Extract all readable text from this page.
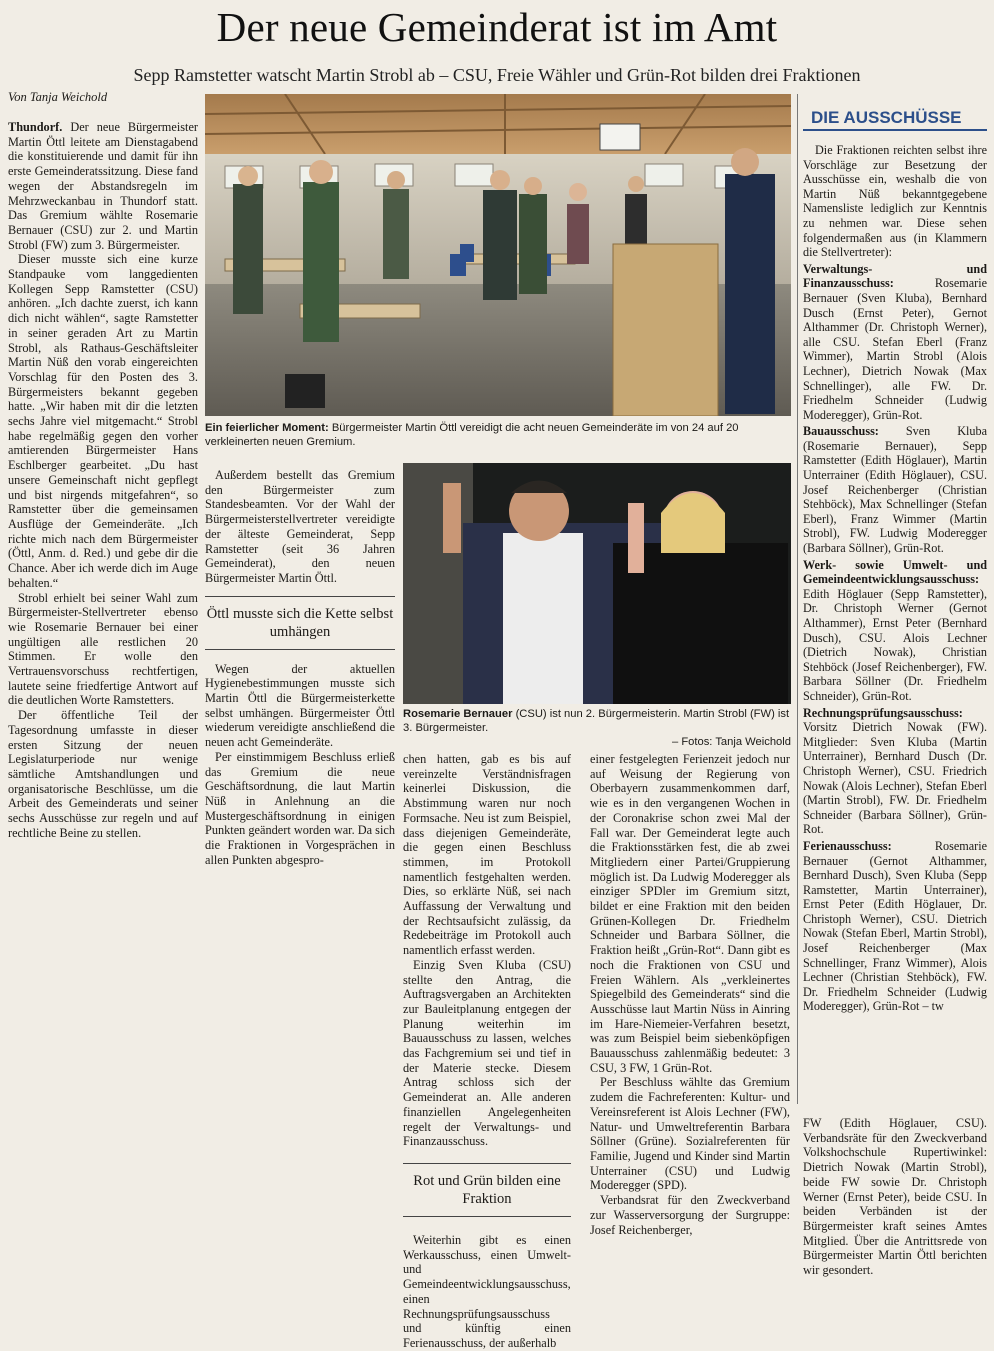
Der neue Gemeinderat ist im Amt
Sepp Ramstetter watscht Martin Strobl ab – CSU, Freie Wähler und Grün-Rot bilden drei Fraktionen
Von Tanja Weichold

Thundorf. Der neue Bürgermeister Martin Öttl leitete am Dienstagabend die konstituierende und damit für ihn erste Gemeinderatssitzung. Diese fand wegen der Abstandsregeln im Mehrzweckanbau in Thundorf statt. Das Gremium wählte Rosemarie Bernauer (CSU) zur 2. und Martin Strobl (FW) zum 3. Bürgermeister.

Dieser musste sich eine kurze Standpauke vom langgedienten Kollegen Sepp Ramstetter (CSU) anhören. „Ich dachte zuerst, ich kann dich nicht wählen“, sagte Ramstetter in seiner geraden Art zu Martin Strobl, als Rathaus-Geschäftsleiter Martin Nüß den vorab eingereichten Vorschlag für den Posten des 3. Bürgermeisters bekannt gegeben hatte. „Wir haben mit dir die letzten sechs Jahre viel mitgemacht.“ Strobl habe regelmäßig gegen den vorher amtierenden Bürgermeister Hans Eschlberger gearbeitet. „Du hast unsere Gemeinschaft nicht gepflegt und bist nirgends mitgefahren“, so Ramstetter über die gemeinsamen Ausflüge der Gemeinderäte. „Ich richte mich nach dem Bürgermeister (Öttl, Anm. d. Red.) und gebe dir die Chance. Aber ich werde dich im Auge behalten.“

Strobl erhielt bei seiner Wahl zum Bürgermeister-Stellvertreter ebenso wie Rosemarie Bernauer bei einer ungültigen alle restlichen 20 Stimmen. Er wolle den Vertrauensvorschuss rechtfertigen, lautete seine friedfertige Antwort auf die deutlichen Worte Ramstetters.

Der öffentliche Teil der Tagesordnung umfasste in dieser ersten Sitzung der neuen Legislaturperiode nur wenige sämtliche Amtshandlungen und organisatorische Beschlüsse, um die Arbeit des Gemeinderats und seiner sechs Ausschüsse zur regeln und auf rechtliche Beine zu stellen.

Ein feierlicher Moment: Bürgermeister Martin Öttl vereidigt die acht neuen Gemeinderäte im von 24 auf 20 verkleinerten neuen Gremium.

Außerdem bestellt das Gremium den Bürgermeister zum Standesbeamten. Vor der Wahl der Bürgermeisterstellvertreter vereidigte der älteste Gemeinderat, Sepp Ramstetter (seit 36 Jahren Gemeinderat), den neuen Bürgermeister Martin Öttl.

Öttl musste sich die Kette selbst umhängen

Wegen der aktuellen Hygienebestimmungen musste sich Martin Öttl die Bürgermeisterkette selbst umhängen. Bürgermeister Öttl wiederum vereidigte anschließend die neuen acht Gemeinderäte.

Per einstimmigem Beschluss erließ das Gremium die neue Geschäftsordnung, die laut Martin Nüß in Anlehnung an die Mustergeschäftsordnung in einigen Punkten geändert worden war. Da sich die Fraktionen in Vorgesprächen in allen Punkten abgespro-

Rosemarie Bernauer (CSU) ist nun 2. Bürgermeisterin. Martin Strobl (FW) ist 3. Bürgermeister.
– Fotos: Tanja Weichold

chen hatten, gab es bis auf vereinzelte Verständnisfragen keinerlei Diskussion, die Abstimmung waren nur noch Formsache. Neu ist zum Beispiel, dass diejenigen Gemeinderäte, die gegen einen Beschluss stimmen, im Protokoll namentlich festgehalten werden. Dies, so erklärte Nüß, sei nach Auffassung der Verwaltung und der Rechtsaufsicht zulässig, da Redebeiträge im Protokoll auch namentlich erfasst werden.

Einzig Sven Kluba (CSU) stellte den Antrag, die Auftragsvergaben an Architekten zur Bauleitplanung entgegen der Planung weiterhin im Bauausschuss zu lassen, welches das Fachgremium sei und tief in der Materie stecke. Diesem Antrag schloss sich der Gemeinderat an. Alle anderen finanziellen Angelegenheiten regelt der Verwaltungs- und Finanzausschuss.

Rot und Grün bilden eine Fraktion

Weiterhin gibt es einen Werkausschuss, einen Umwelt- und Gemeindeentwicklungsausschuss, einen Rechnungsprüfungsausschuss und künftig einen Ferienausschuss, der außerhalb

einer festgelegten Ferienzeit jedoch nur auf Weisung der Regierung von Oberbayern zusammenkommen darf, wie es in den vergangenen Wochen in der Coronakrise schon zwei Mal der Fall war. Der Gemeinderat legte auch die Fraktionsstärken fest, die ab zwei Mitgliedern einer Partei/Gruppierung möglich ist. Da Ludwig Moderegger als einziger SPDler im Gremium sitzt, bildet er eine Fraktion mit den beiden Grünen-Kollegen Dr. Friedhelm Schneider und Barbara Söllner, die Fraktion heißt „Grün-Rot“. Dann gibt es noch die Fraktionen von CSU und Freien Wählern. Als „verkleinertes Spiegelbild des Gemeinderats“ sind die Ausschüsse laut Martin Nüss in Ainring im Hare-Niemeier-Verfahren besetzt, was zum Beispiel beim siebenköpfigen Bauausschuss zahlenmäßig bedeutet: 3 CSU, 3 FW, 1 Grün-Rot.

Per Beschluss wählte das Gremium zudem die Fachreferenten: Kultur- und Vereinsreferent ist Alois Lechner (FW), Natur- und Umweltreferentin Barbara Söllner (Grüne). Sozialreferenten für Familie, Jugend und Kinder sind Martin Unterrainer (CSU) und Ludwig Moderegger (SPD).

Verbandsrat für den Zweckverband zur Wasserversorgung der Surgruppe: Josef Reichenberger,

DIE AUSSCHÜSSE

Die Fraktionen reichten selbst ihre Vorschläge zur Besetzung der Ausschüsse ein, weshalb die von Martin Nüß bekanntgegebene Namensliste lediglich zur Kenntnis zu nehmen war. Diese sehen folgendermaßen aus (in Klammern die Stellvertreter):

Verwaltungs- und Finanzausschuss:	Rosemarie Bernauer (Sven Kluba), Bernhard Dusch (Ernst Peter), Gernot Althammer (Dr. Christoph Werner), alle CSU. Stefan Eberl (Franz Wimmer), Martin Strobl (Alois Lechner), Dietrich Nowak (Max Schnellinger), alle FW. Dr. Friedhelm Schneider (Ludwig Moderegger), Grün-Rot.

Bauausschuss: Sven Kluba (Rosemarie Bernauer), Sepp Ramstetter (Edith Höglauer), Martin Unterrainer (Edith Höglauer), CSU. Josef Reichenberger (Christian Stehböck), Max Schnellinger (Stefan Eberl), Franz Wimmer (Martin Strobl), FW. Ludwig Moderegger (Barbara Söllner), Grün-Rot.

Werk- sowie Umwelt- und Gemeindeentwicklungsausschuss: Edith Höglauer (Sepp Ramstetter), Dr. Christoph Werner (Gernot Althammer), Ernst Peter (Bernhard Dusch), CSU. Alois Lechner (Dietrich Nowak), Christian Stehböck (Josef Reichenberger), FW. Barbara Söllner (Dr. Friedhelm Schneider), Grün-Rot.

Rechnungsprüfungsausschuss: Vorsitz Dietrich Nowak (FW). Mitglieder: Sven Kluba (Martin Unterrainer), Bernhard Dusch (Dr. Christoph Werner), CSU. Friedrich Nowak (Alois Lechner), Stefan Eberl (Martin Strobl), FW. Dr. Friedhelm Schneider (Barbara Söllner), Grün-Rot.

Ferienausschuss:	Rosemarie Bernauer (Gernot Althammer, Bernhard Dusch), Sven Kluba (Sepp Ramstetter, Martin Unterrainer), Ernst Peter (Edith Höglauer, Dr. Christoph Werner), CSU. Dietrich Nowak (Stefan Eberl, Martin Strobl), Josef Reichenberger (Max Schnellinger, Franz Wimmer), Alois Lechner (Christian Stehböck), FW. Dr. Friedhelm Schneider (Ludwig Moderegger), Grün-Rot – tw

FW (Edith Höglauer, CSU). Verbandsräte für den Zweckverband Volkshochschule Rupertiwinkel: Dietrich Nowak (Martin Strobl), beide FW sowie Dr. Christoph Werner (Ernst Peter), beide CSU. In beiden Verbänden ist der Bürgermeister kraft seines Amtes Mitglied. Über die Antrittsrede von Bürgermeister Martin Öttl berichten wir gesondert.
